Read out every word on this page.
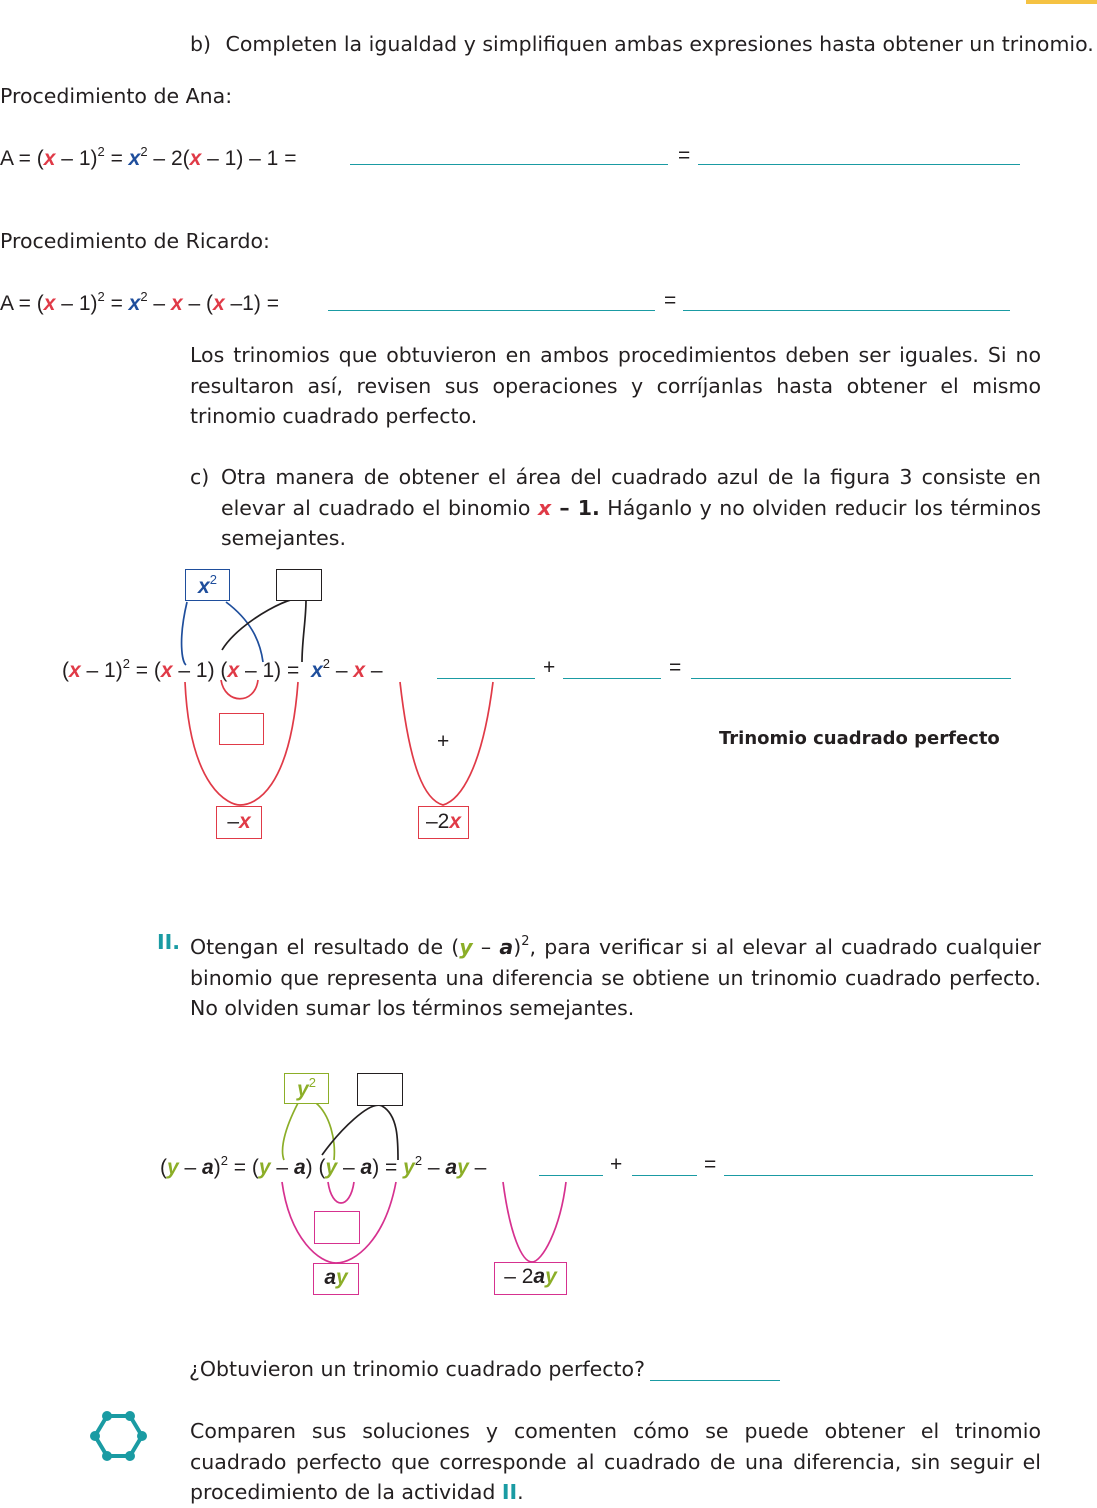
b) Completen la igualdad y simplifiquen ambas expresiones hasta obtener un trinomio.
Procedimiento de Ana:
$A = (x - 1)^2 = x^2 - 2(x - 1) - 1$ =	=
Procedimiento de Ricardo:
$A = (x - 1)^2 = x^2 - x - (x$ –1) =	=
Los trinomios que obtuvieron en ambos procedimientos deben ser iguales. Si no resultaron así, revisen sus operaciones y corríjanlas hasta obtener el mismo trinomio cuadrado perfecto.
c) Otra manera de obtener el área del cuadrado azul de la figura 3 consiste en elevar al cuadrado el binomio x – 1. Háganlo y no olviden reducir los términos semejantes.
$x^2$
–x	–2x
+
(x – 1)$^2$ = (x – 1) $(x - 1) = x^2 - x$ –	+	=
Trinomio cuadrado perfecto
II. Otengan el resultado de (y – a)$^2$, para verificar si al elevar al cuadrado cualquier binomio que representa una diferencia se obtiene un trinomio cuadrado perfecto. No olviden sumar los términos semejantes.
$y^2$
ay	– 2ay
(y – a)$^2$ = (y – a) $(y - a) = y^2$ – ay –	+	=
¿Obtuvieron un trinomio cuadrado perfecto?
Comparen sus soluciones y comenten cómo se puede obtener el trinomio cuadrado perfecto que corresponde al cuadrado de una diferencia, sin seguir el procedimiento de la actividad II.
